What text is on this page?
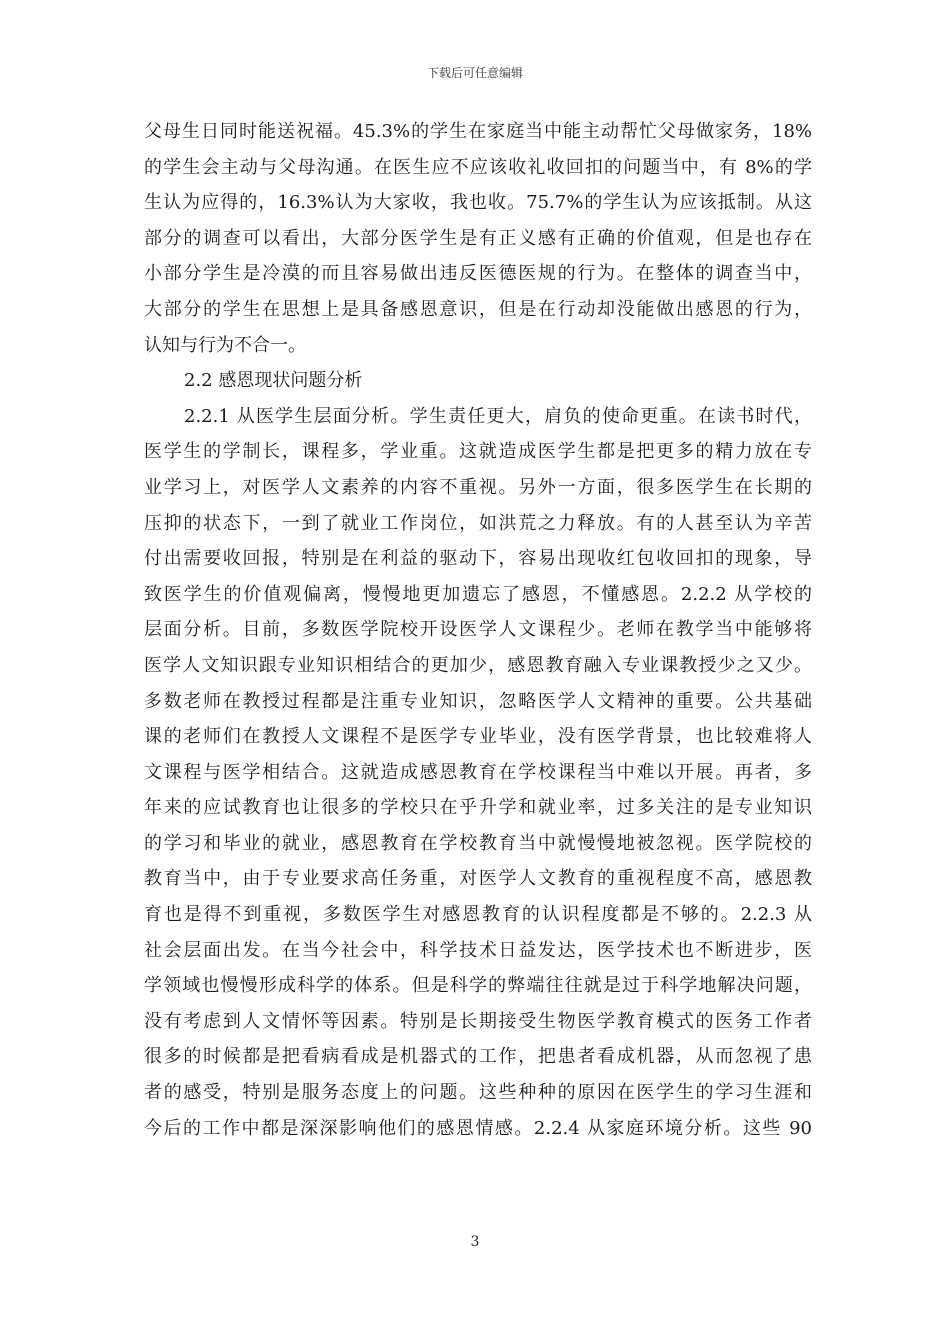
下载后可任意编辑
父母生日同时能送祝福。45.3%的学生在家庭当中能主动帮忙父母做家务，18%
的学生会主动与父母沟通。在医生应不应该收礼收回扣的问题当中，有 8%的学
生认为应得的，16.3%认为大家收，我也收。75.7%的学生认为应该抵制。从这
部分的调查可以看出，大部分医学生是有正义感有正确的价值观，但是也存在
小部分学生是冷漠的而且容易做出违反医德医规的行为。在整体的调查当中，
大部分的学生在思想上是具备感恩意识，但是在行动却没能做出感恩的行为，
认知与行为不合一。
2.2 感恩现状问题分析
2.2.1 从医学生层面分析。学生责任更大，肩负的使命更重。在读书时代，
医学生的学制长，课程多，学业重。这就造成医学生都是把更多的精力放在专
业学习上，对医学人文素养的内容不重视。另外一方面，很多医学生在长期的
压抑的状态下，一到了就业工作岗位，如洪荒之力释放。有的人甚至认为辛苦
付出需要收回报，特别是在利益的驱动下，容易出现收红包收回扣的现象，导
致医学生的价值观偏离，慢慢地更加遗忘了感恩，不懂感恩。2.2.2 从学校的
层面分析。目前，多数医学院校开设医学人文课程少。老师在教学当中能够将
医学人文知识跟专业知识相结合的更加少，感恩教育融入专业课教授少之又少。
多数老师在教授过程都是注重专业知识，忽略医学人文精神的重要。公共基础
课的老师们在教授人文课程不是医学专业毕业，没有医学背景，也比较难将人
文课程与医学相结合。这就造成感恩教育在学校课程当中难以开展。再者，多
年来的应试教育也让很多的学校只在乎升学和就业率，过多关注的是专业知识
的学习和毕业的就业，感恩教育在学校教育当中就慢慢地被忽视。医学院校的
教育当中，由于专业要求高任务重，对医学人文教育的重视程度不高，感恩教
育也是得不到重视，多数医学生对感恩教育的认识程度都是不够的。2.2.3 从
社会层面出发。在当今社会中，科学技术日益发达，医学技术也不断进步，医
学领域也慢慢形成科学的体系。但是科学的弊端往往就是过于科学地解决问题，
没有考虑到人文情怀等因素。特别是长期接受生物医学教育模式的医务工作者
很多的时候都是把看病看成是机器式的工作，把患者看成机器，从而忽视了患
者的感受，特别是服务态度上的问题。这些种种的原因在医学生的学习生涯和
今后的工作中都是深深影响他们的感恩情感。2.2.4 从家庭环境分析。这些 90
3
